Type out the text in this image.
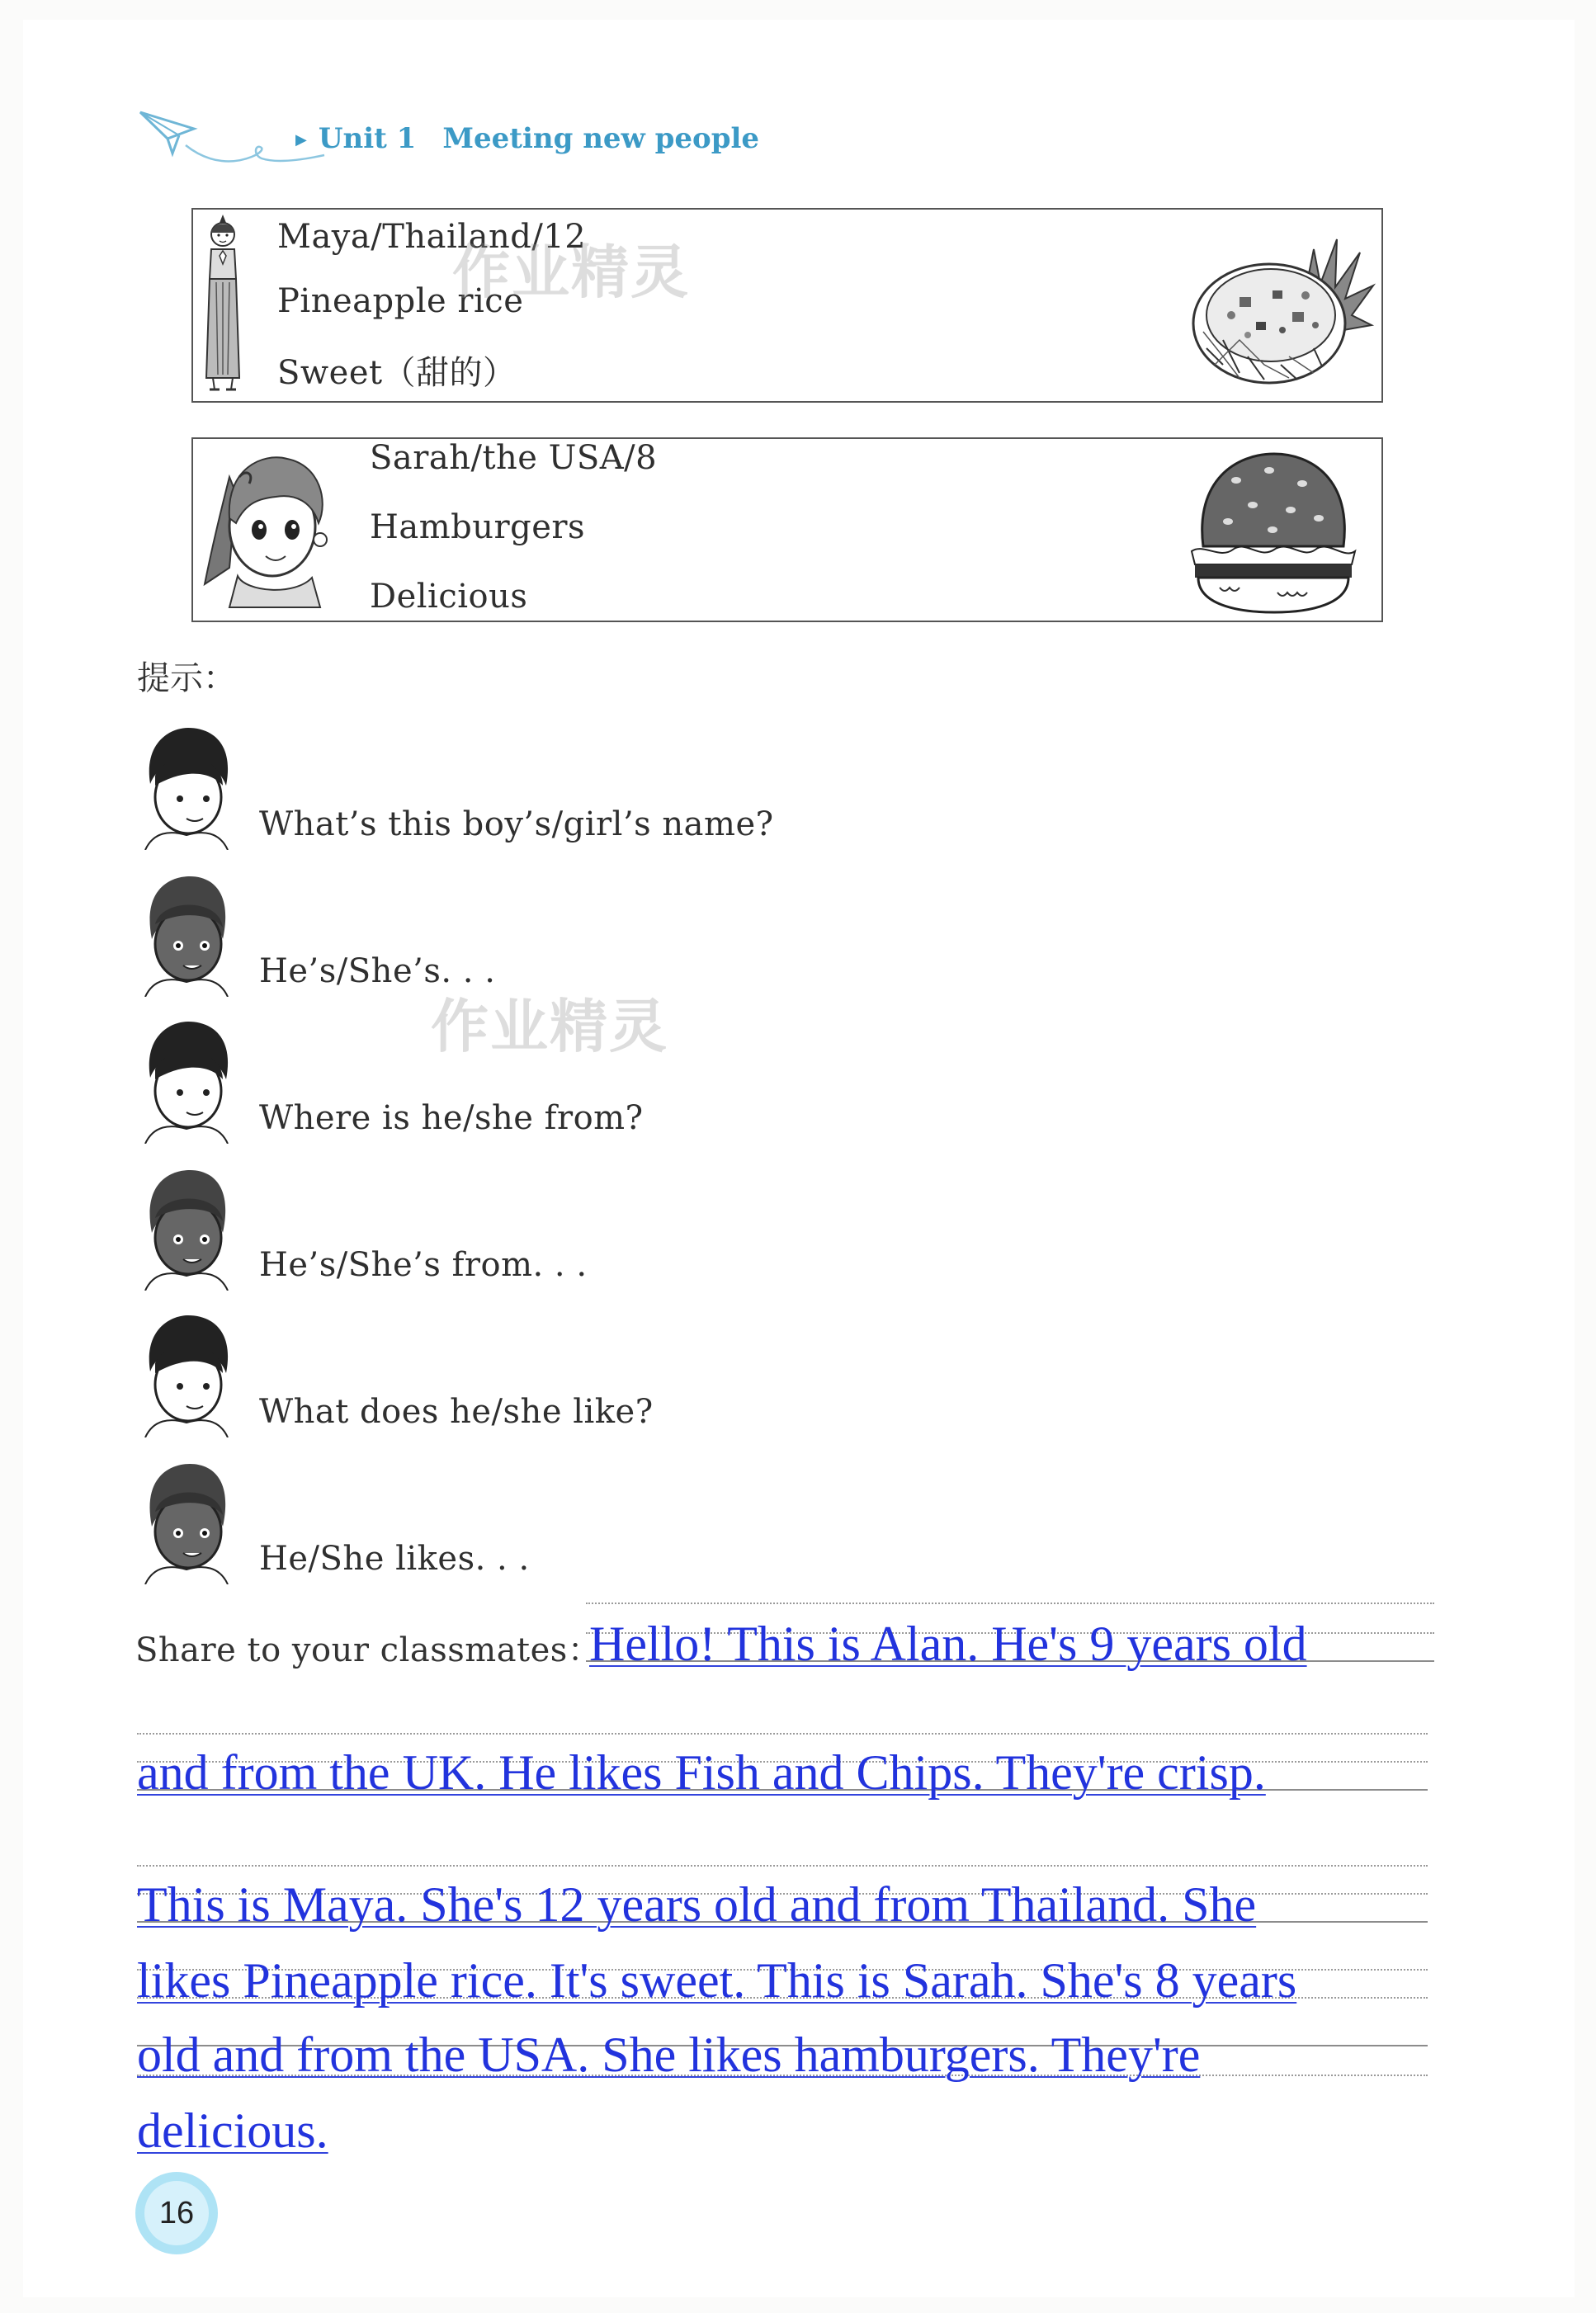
▶ Unit 1 Meeting new people
Maya/Thailand/12
Pineapple rice
Sweet（甜的）
Sarah/the USA/8
Hamburgers
Delicious
作业精灵
提示：
What’s this boy’s/girl’s name?
He’s/She’s. . .
作业精灵
Where is he/she from?
He’s/She’s from. . .
What does he/she like?
He/She likes. . .
Share to your classmates：
Hello! This is Alan. He's 9 years old
and from the UK. He likes Fish and Chips. They're crisp.
This is Maya. She's 12 years old and from Thailand. She
likes Pineapple rice. It's sweet. This is Sarah. She's 8 years
old and from the USA. She likes hamburgers. They're
delicious.
16
